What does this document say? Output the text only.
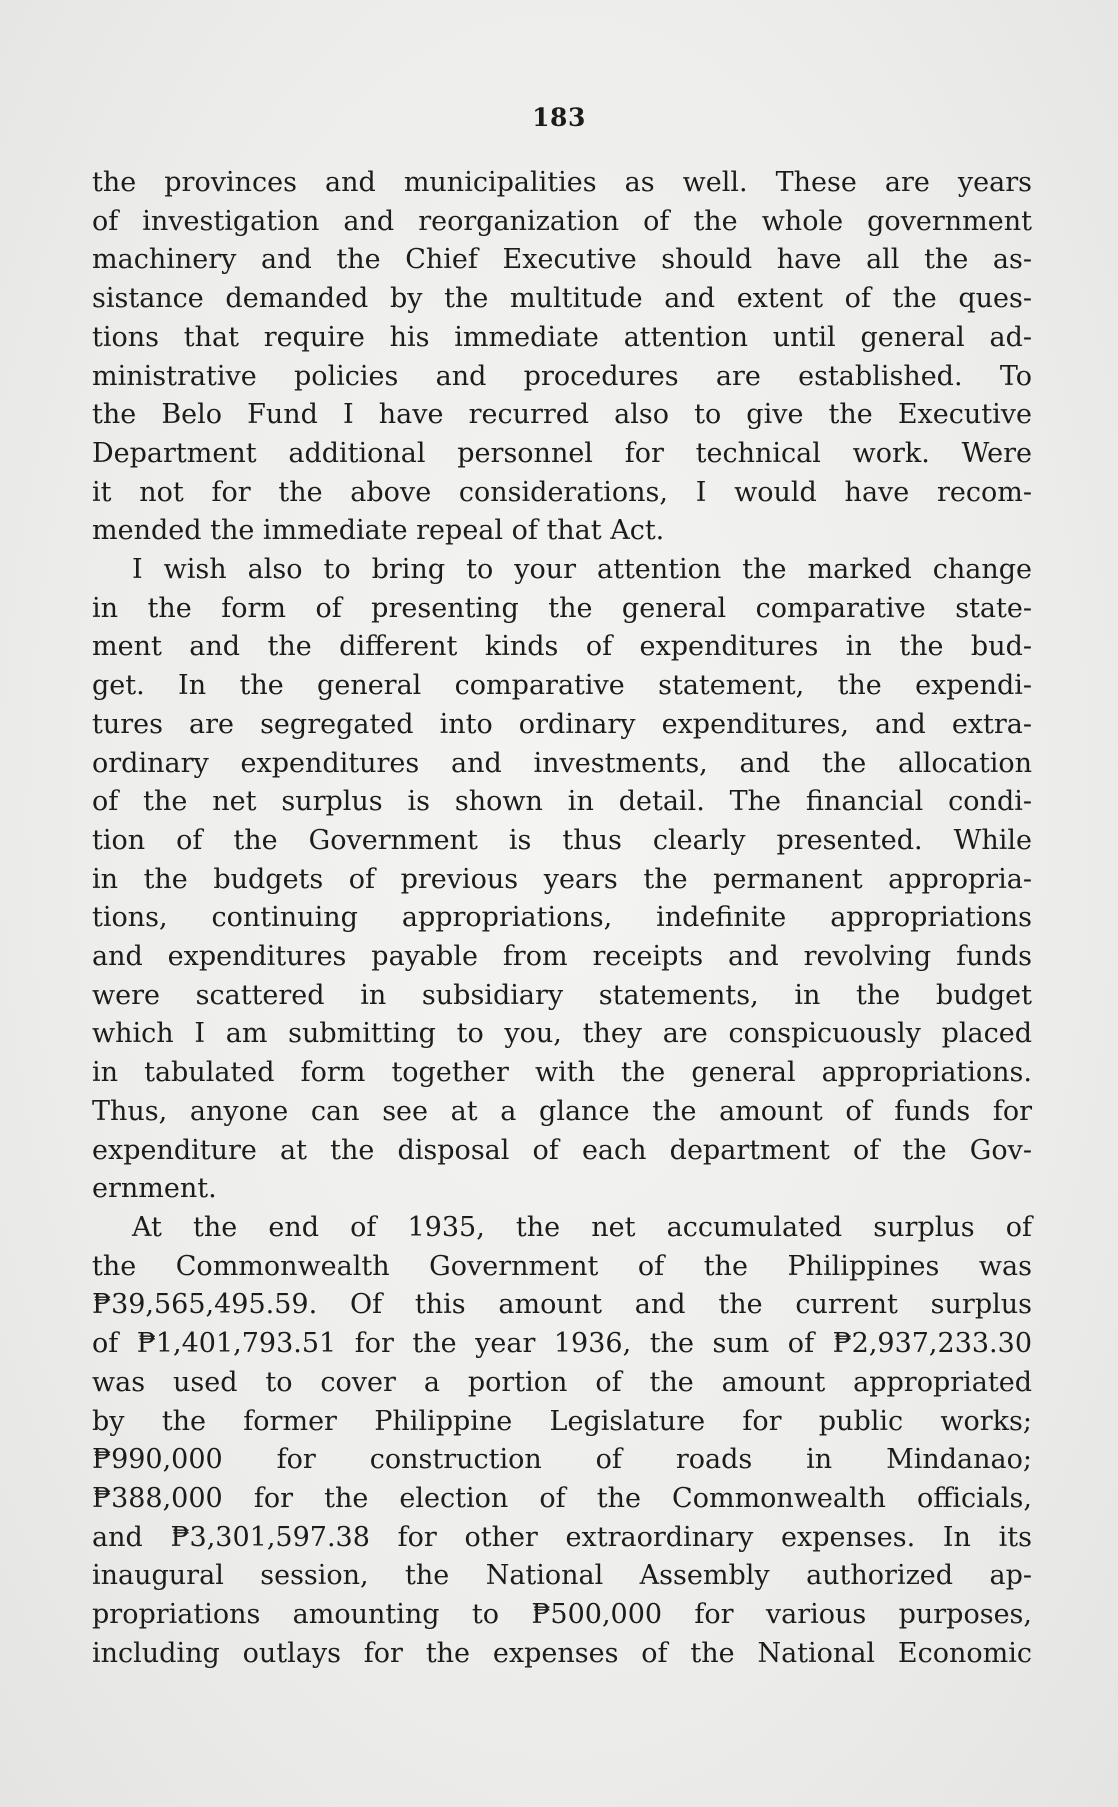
183
the provinces and municipalities as well. These are years
of investigation and reorganization of the whole government
machinery and the Chief Executive should have all the as-
sistance demanded by the multitude and extent of the ques-
tions that require his immediate attention until general ad-
ministrative policies and procedures are established. To
the Belo Fund I have recurred also to give the Executive
Department additional personnel for technical work. Were
it not for the above considerations, I would have recom-
mended the immediate repeal of that Act.
I wish also to bring to your attention the marked change
in the form of presenting the general comparative state-
ment and the different kinds of expenditures in the bud-
get. In the general comparative statement, the expendi-
tures are segregated into ordinary expenditures, and extra-
ordinary expenditures and investments, and the allocation
of the net surplus is shown in detail. The financial condi-
tion of the Government is thus clearly presented. While
in the budgets of previous years the permanent appropria-
tions, continuing appropriations, indefinite appropriations
and expenditures payable from receipts and revolving funds
were scattered in subsidiary statements, in the budget
which I am submitting to you, they are conspicuously placed
in tabulated form together with the general appropriations.
Thus, anyone can see at a glance the amount of funds for
expenditure at the disposal of each department of the Gov-
ernment.
At the end of 1935, the net accumulated surplus of
the Commonwealth Government of the Philippines was
₱39,565,495.59. Of this amount and the current surplus
of ₱1,401,793.51 for the year 1936, the sum of ₱2,937,233.30
was used to cover a portion of the amount appropriated
by the former Philippine Legislature for public works;
₱990,000 for construction of roads in Mindanao;
₱388,000 for the election of the Commonwealth officials,
and ₱3,301,597.38 for other extraordinary expenses. In its
inaugural session, the National Assembly authorized ap-
propriations amounting to ₱500,000 for various purposes,
including outlays for the expenses of the National Economic
